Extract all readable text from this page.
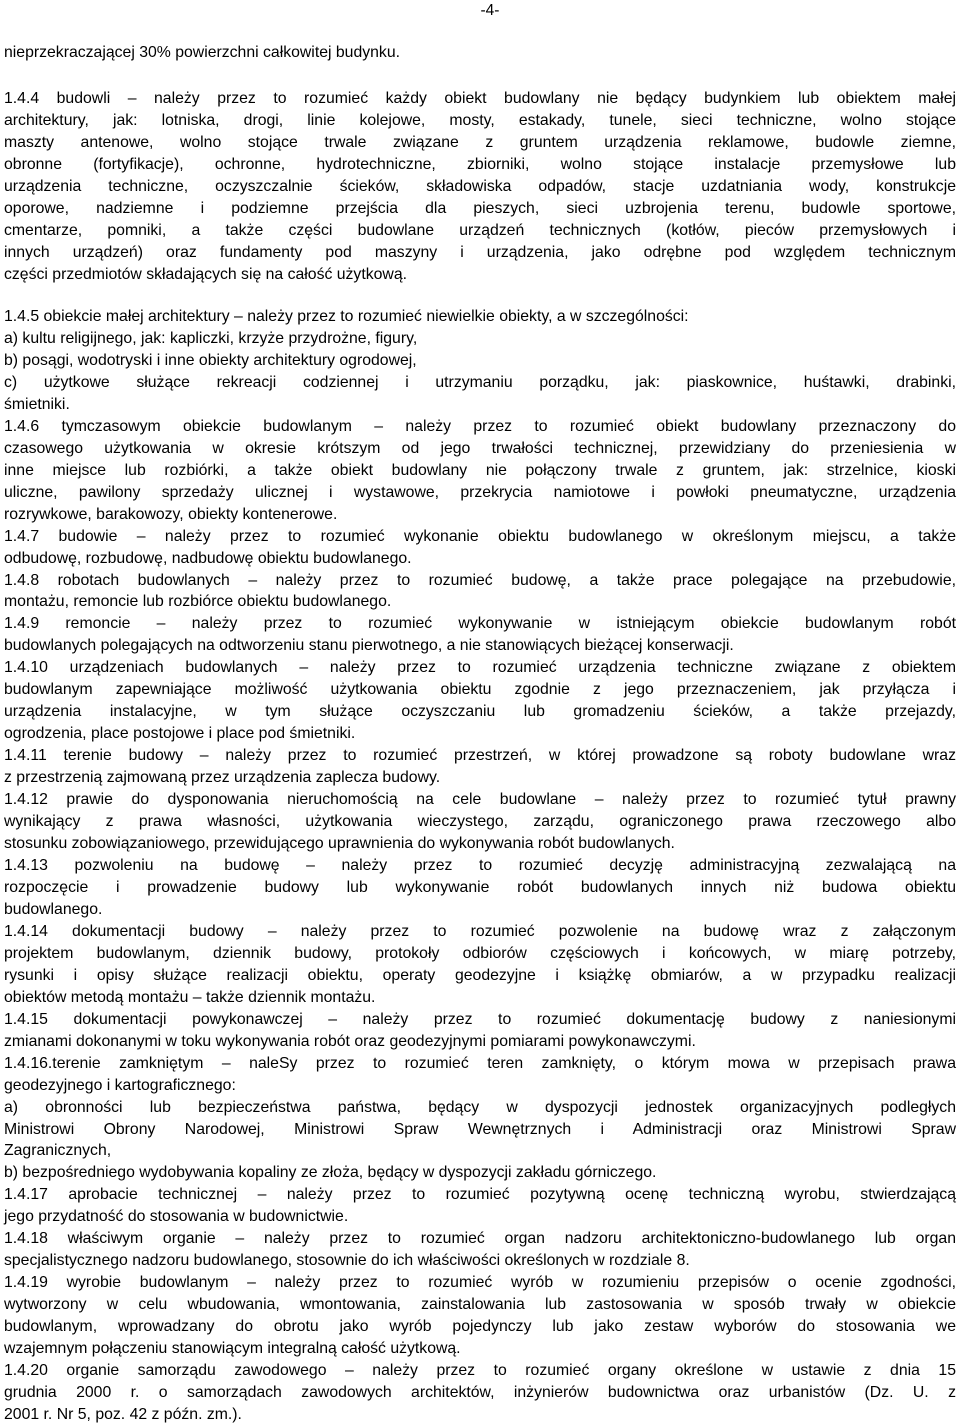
-4-
nieprzekraczającej 30% powierzchni całkowitej budynku.
1.4.4 budowli – należy przez to rozumieć każdy obiekt budowlany nie będący budynkiem lub obiektem małej
architektury, jak: lotniska, drogi, linie kolejowe, mosty, estakady, tunele, sieci techniczne, wolno stojące
maszty antenowe, wolno stojące trwale związane z gruntem urządzenia reklamowe, budowle ziemne,
obronne (fortyfikacje), ochronne, hydrotechniczne, zbiorniki, wolno stojące instalacje przemysłowe lub
urządzenia techniczne, oczyszczalnie ścieków, składowiska odpadów, stacje uzdatniania wody, konstrukcje
oporowe, nadziemne i podziemne przejścia dla pieszych, sieci uzbrojenia terenu, budowle sportowe,
cmentarze, pomniki, a także części budowlane urządzeń technicznych (kotłów, pieców przemysłowych i
innych urządzeń) oraz fundamenty pod maszyny i urządzenia, jako odrębne pod względem technicznym
części przedmiotów składających się na całość użytkową.
1.4.5 obiekcie małej architektury – należy przez to rozumieć niewielkie obiekty, a w szczególności:
a) kultu religijnego, jak: kapliczki, krzyże przydrożne, figury,
b) posągi, wodotryski i inne obiekty architektury ogrodowej,
c) użytkowe służące rekreacji codziennej i utrzymaniu porządku, jak: piaskownice, huśtawki, drabinki,
śmietniki.
1.4.6 tymczasowym obiekcie budowlanym – należy przez to rozumieć obiekt budowlany przeznaczony do
czasowego użytkowania w okresie krótszym od jego trwałości technicznej, przewidziany do przeniesienia w
inne miejsce lub rozbiórki, a także obiekt budowlany nie połączony trwale z gruntem, jak: strzelnice, kioski
uliczne, pawilony sprzedaży ulicznej i wystawowe, przekrycia namiotowe i powłoki pneumatyczne, urządzenia
rozrywkowe, barakowozy, obiekty kontenerowe.
1.4.7 budowie – należy przez to rozumieć wykonanie obiektu budowlanego w określonym miejscu, a także
odbudowę, rozbudowę, nadbudowę obiektu budowlanego.
1.4.8 robotach budowlanych – należy przez to rozumieć budowę, a także prace polegające na przebudowie,
montażu, remoncie lub rozbiórce obiektu budowlanego.
1.4.9 remoncie – należy przez to rozumieć wykonywanie w istniejącym obiekcie budowlanym robót
budowlanych polegających na odtworzeniu stanu pierwotnego, a nie stanowiących bieżącej konserwacji.
1.4.10 urządzeniach budowlanych – należy przez to rozumieć urządzenia techniczne związane z obiektem
budowlanym zapewniające możliwość użytkowania obiektu zgodnie z jego przeznaczeniem, jak przyłącza i
urządzenia instalacyjne, w tym służące oczyszczaniu lub gromadzeniu ścieków, a także przejazdy,
ogrodzenia, place postojowe i place pod śmietniki.
1.4.11 terenie budowy – należy przez to rozumieć przestrzeń, w której prowadzone są roboty budowlane wraz
z przestrzenią zajmowaną przez urządzenia zaplecza budowy.
1.4.12 prawie do dysponowania nieruchomością na cele budowlane – należy przez to rozumieć tytuł prawny
wynikający z prawa własności, użytkowania wieczystego, zarządu, ograniczonego prawa rzeczowego albo
stosunku zobowiązaniowego, przewidującego uprawnienia do wykonywania robót budowlanych.
1.4.13 pozwoleniu na budowę – należy przez to rozumieć decyzję administracyjną zezwalającą na
rozpoczęcie i prowadzenie budowy lub wykonywanie robót budowlanych innych niż budowa obiektu
budowlanego.
1.4.14 dokumentacji budowy – należy przez to rozumieć pozwolenie na budowę wraz z załączonym
projektem budowlanym, dziennik budowy, protokoły odbiorów częściowych i końcowych, w miarę potrzeby,
rysunki i opisy służące realizacji obiektu, operaty geodezyjne i książkę obmiarów, a w przypadku realizacji
obiektów metodą montażu – także dziennik montażu.
1.4.15 dokumentacji powykonawczej – należy przez to rozumieć dokumentację budowy z naniesionymi
zmianami dokonanymi w toku wykonywania robót oraz geodezyjnymi pomiarami powykonawczymi.
1.4.16.terenie zamkniętym – naleSy przez to rozumieć teren zamknięty, o którym mowa w przepisach prawa
geodezyjnego i kartograficznego:
a) obronności lub bezpieczeństwa państwa, będący w dyspozycji jednostek organizacyjnych podległych
Ministrowi Obrony Narodowej, Ministrowi Spraw Wewnętrznych i Administracji oraz Ministrowi Spraw
Zagranicznych,
b) bezpośredniego wydobywania kopaliny ze złoża, będący w dyspozycji zakładu górniczego.
1.4.17 aprobacie technicznej – należy przez to rozumieć pozytywną ocenę techniczną wyrobu, stwierdzającą
jego przydatność do stosowania w budownictwie.
1.4.18 właściwym organie – należy przez to rozumieć organ nadzoru architektoniczno-budowlanego lub organ
specjalistycznego nadzoru budowlanego, stosownie do ich właściwości określonych w rozdziale 8.
1.4.19 wyrobie budowlanym – należy przez to rozumieć wyrób w rozumieniu przepisów o ocenie zgodności,
wytworzony w celu wbudowania, wmontowania, zainstalowania lub zastosowania w sposób trwały w obiekcie
budowlanym, wprowadzany do obrotu jako wyrób pojedynczy lub jako zestaw wyborów do stosowania we
wzajemnym połączeniu stanowiącym integralną całość użytkową.
1.4.20 organie samorządu zawodowego – należy przez to rozumieć organy określone w ustawie z dnia 15
grudnia 2000 r. o samorządach zawodowych architektów, inżynierów budownictwa oraz urbanistów (Dz. U. z
2001 r. Nr 5, poz. 42 z późn. zm.).
